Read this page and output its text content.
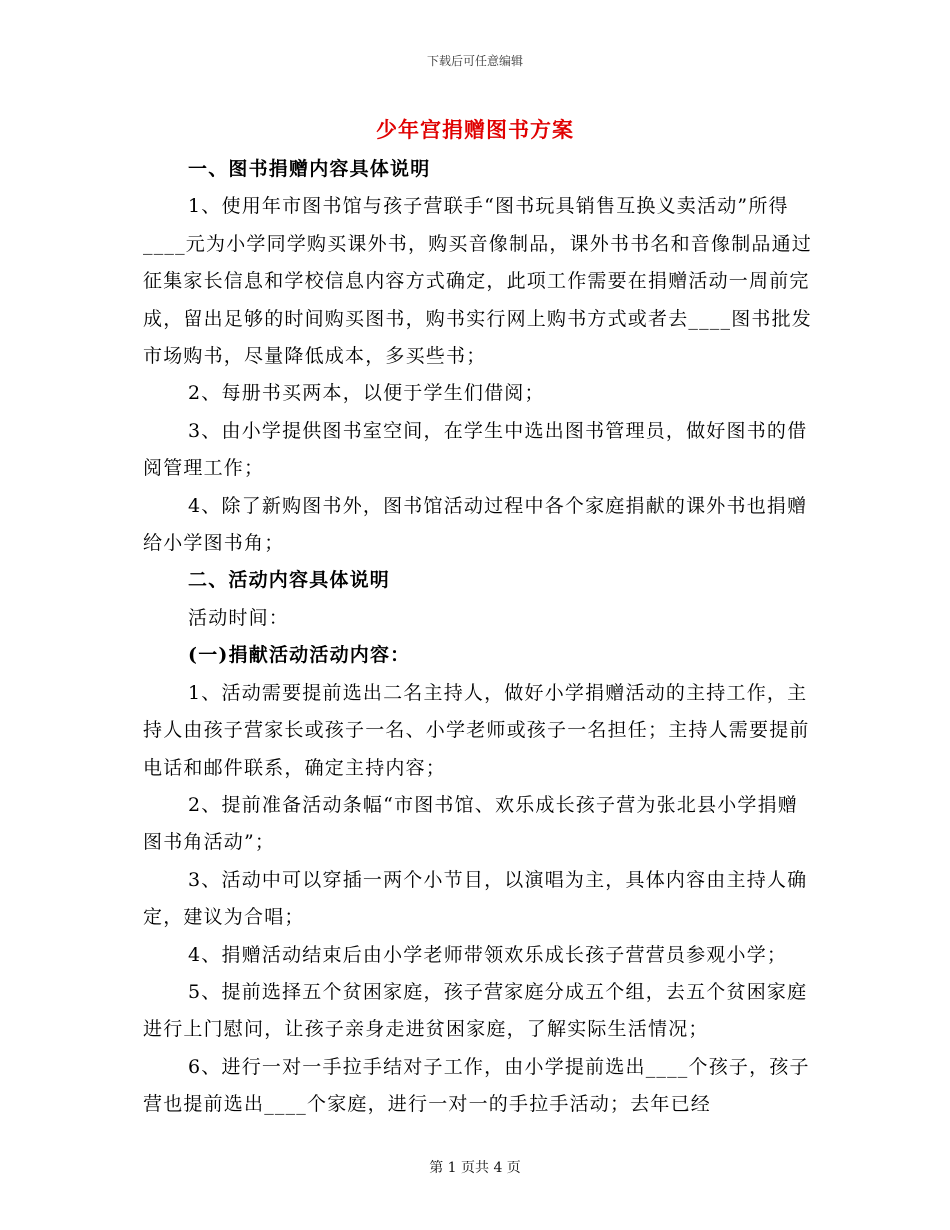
下载后可任意编辑
少年宫捐赠图书方案

一、图书捐赠内容具体说明

1、使用年市图书馆与孩子营联手“图书玩具销售互换义卖活动”所得____元为小学同学购买课外书，购买音像制品，课外书书名和音像制品通过征集家长信息和学校信息内容方式确定，此项工作需要在捐赠活动一周前完成，留出足够的时间购买图书，购书实行网上购书方式或者去____图书批发市场购书，尽量降低成本，多买些书；

2、每册书买两本，以便于学生们借阅；

3、由小学提供图书室空间，在学生中选出图书管理员，做好图书的借阅管理工作；

4、除了新购图书外，图书馆活动过程中各个家庭捐献的课外书也捐赠给小学图书角；

二、活动内容具体说明

活动时间：

(一)捐献活动活动内容：

1、活动需要提前选出二名主持人，做好小学捐赠活动的主持工作，主持人由孩子营家长或孩子一名、小学老师或孩子一名担任；主持人需要提前电话和邮件联系，确定主持内容；

2、提前准备活动条幅“市图书馆、欢乐成长孩子营为张北县小学捐赠图书角活动”；

3、活动中可以穿插一两个小节目，以演唱为主，具体内容由主持人确定，建议为合唱；

4、捐赠活动结束后由小学老师带领欢乐成长孩子营营员参观小学；

5、提前选择五个贫困家庭，孩子营家庭分成五个组，去五个贫困家庭进行上门慰问，让孩子亲身走进贫困家庭，了解实际生活情况；

6、进行一对一手拉手结对子工作，由小学提前选出____个孩子，孩子营也提前选出____个家庭，进行一对一的手拉手活动；去年已经

第 1 页共 4 页
